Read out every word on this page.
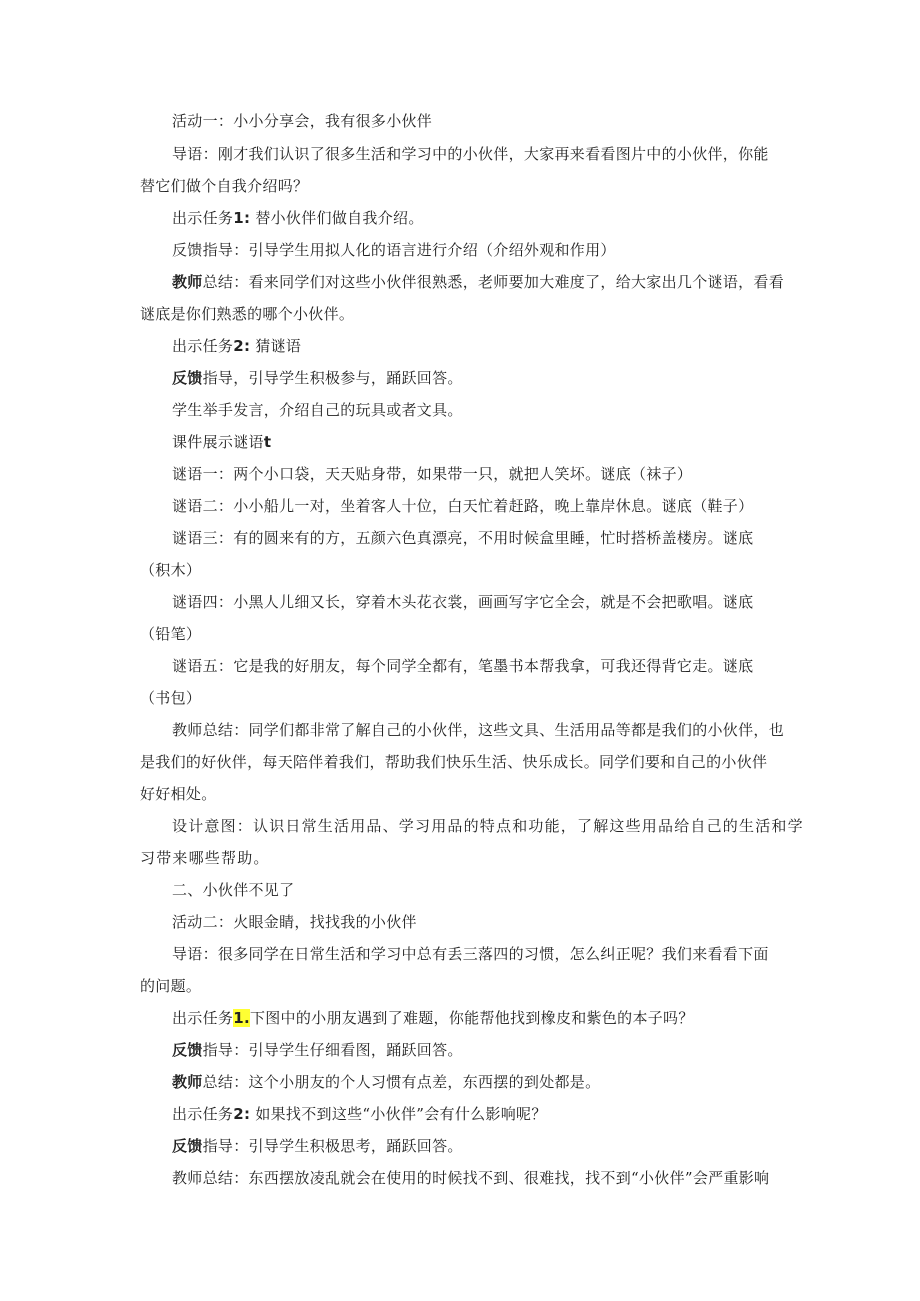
活动一：小小分享会，我有很多小伙伴
导语：刚才我们认识了很多生活和学习中的小伙伴，大家再来看看图片中的小伙伴，你能
替它们做个自我介绍吗？
出示任务1: 替小伙伴们做自我介绍。
反馈指导：引导学生用拟人化的语言进行介绍（介绍外观和作用）
教师总结：看来同学们对这些小伙伴很熟悉，老师要加大难度了，给大家出几个谜语，看看
谜底是你们熟悉的哪个小伙伴。
出示任务2: 猜谜语
反馈指导，引导学生积极参与，踊跃回答。
学生举手发言，介绍自己的玩具或者文具。
课件展示谜语t
谜语一：两个小口袋，天天贴身带，如果带一只，就把人笑坏。谜底（袜子）
谜语二：小小船儿一对，坐着客人十位，白天忙着赶路，晚上靠岸休息。谜底（鞋子）
谜语三：有的圆来有的方，五颜六色真漂亮，不用时候盒里睡，忙时搭桥盖楼房。谜底
（积木）
谜语四：小黑人儿细又长，穿着木头花衣裳，画画写字它全会，就是不会把歌唱。谜底
（铅笔）
谜语五：它是我的好朋友，每个同学全都有，笔墨书本帮我拿，可我还得背它走。谜底
（书包）
教师总结：同学们都非常了解自己的小伙伴，这些文具、生活用品等都是我们的小伙伴，也
是我们的好伙伴，每天陪伴着我们，帮助我们快乐生活、快乐成长。同学们要和自己的小伙伴
好好相处。
设计意图：认识日常生活用品、学习用品的特点和功能，了解这些用品给自己的生活和学
习带来哪些帮助。
二、小伙伴不见了
活动二：火眼金睛，找找我的小伙伴
导语：很多同学在日常生活和学习中总有丢三落四的习惯，怎么纠正呢？我们来看看下面
的问题。
出示任务1.下图中的小朋友遇到了难题，你能帮他找到橡皮和紫色的本子吗？
反馈指导：引导学生仔细看图，踊跃回答。
教师总结：这个小朋友的个人习惯有点差，东西摆的到处都是。
出示任务2: 如果找不到这些“小伙伴”会有什么影响呢？
反馈指导：引导学生积极思考，踊跃回答。
教师总结：东西摆放凌乱就会在使用的时候找不到、很难找，找不到“小伙伴”会严重影响
